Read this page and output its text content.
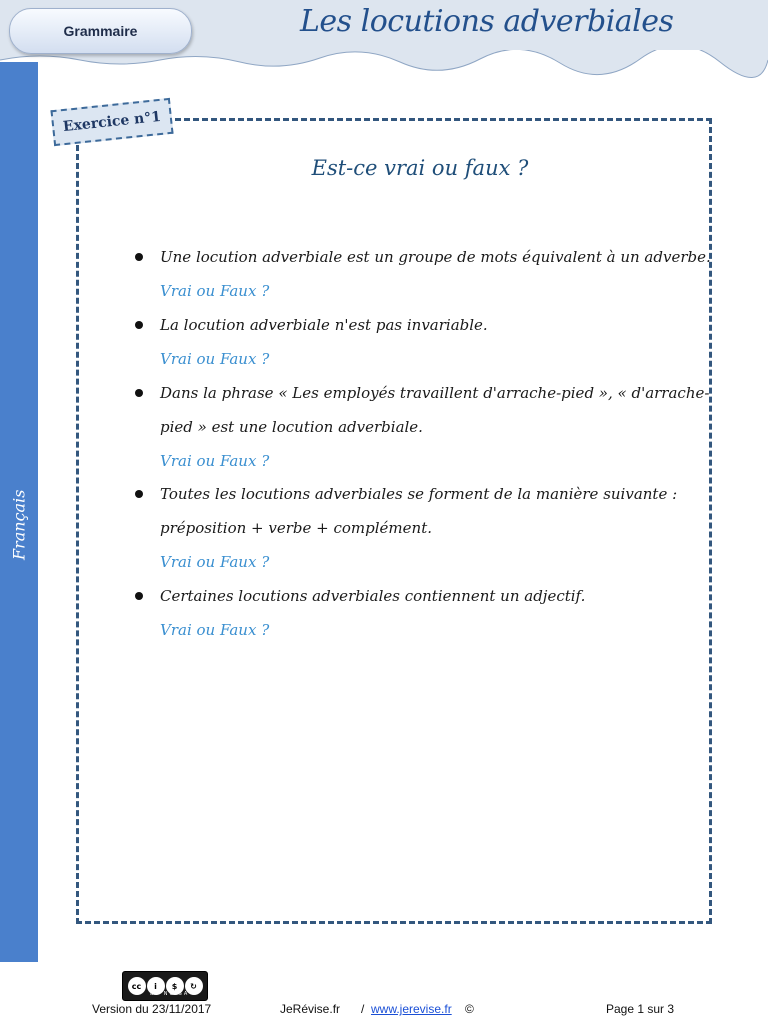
Grammaire	Les locutions adverbiales
Français
Exercice n°1
Est-ce vrai ou faux ?

Une locution adverbiale est un groupe de mots équivalent à un adverbe.

Vrai ou Faux ?

La locution adverbiale n'est pas invariable.

Vrai ou Faux ?

Dans la phrase « Les employés travaillent d'arrache-pied », « d'arrache-pied » est une locution adverbiale.

Vrai ou Faux ?

Toutes les locutions adverbiales se forment de la manière suivante : préposition + verbe + complément.

Vrai ou Faux ?

Certaines locutions adverbiales contiennent un adjectif.

Vrai ou Faux ?

cc	i	$	↻
BY NC SA
Version du 23/11/2017	JeRévise.fr / www.jerevise.fr ©	Page 1 sur 3
